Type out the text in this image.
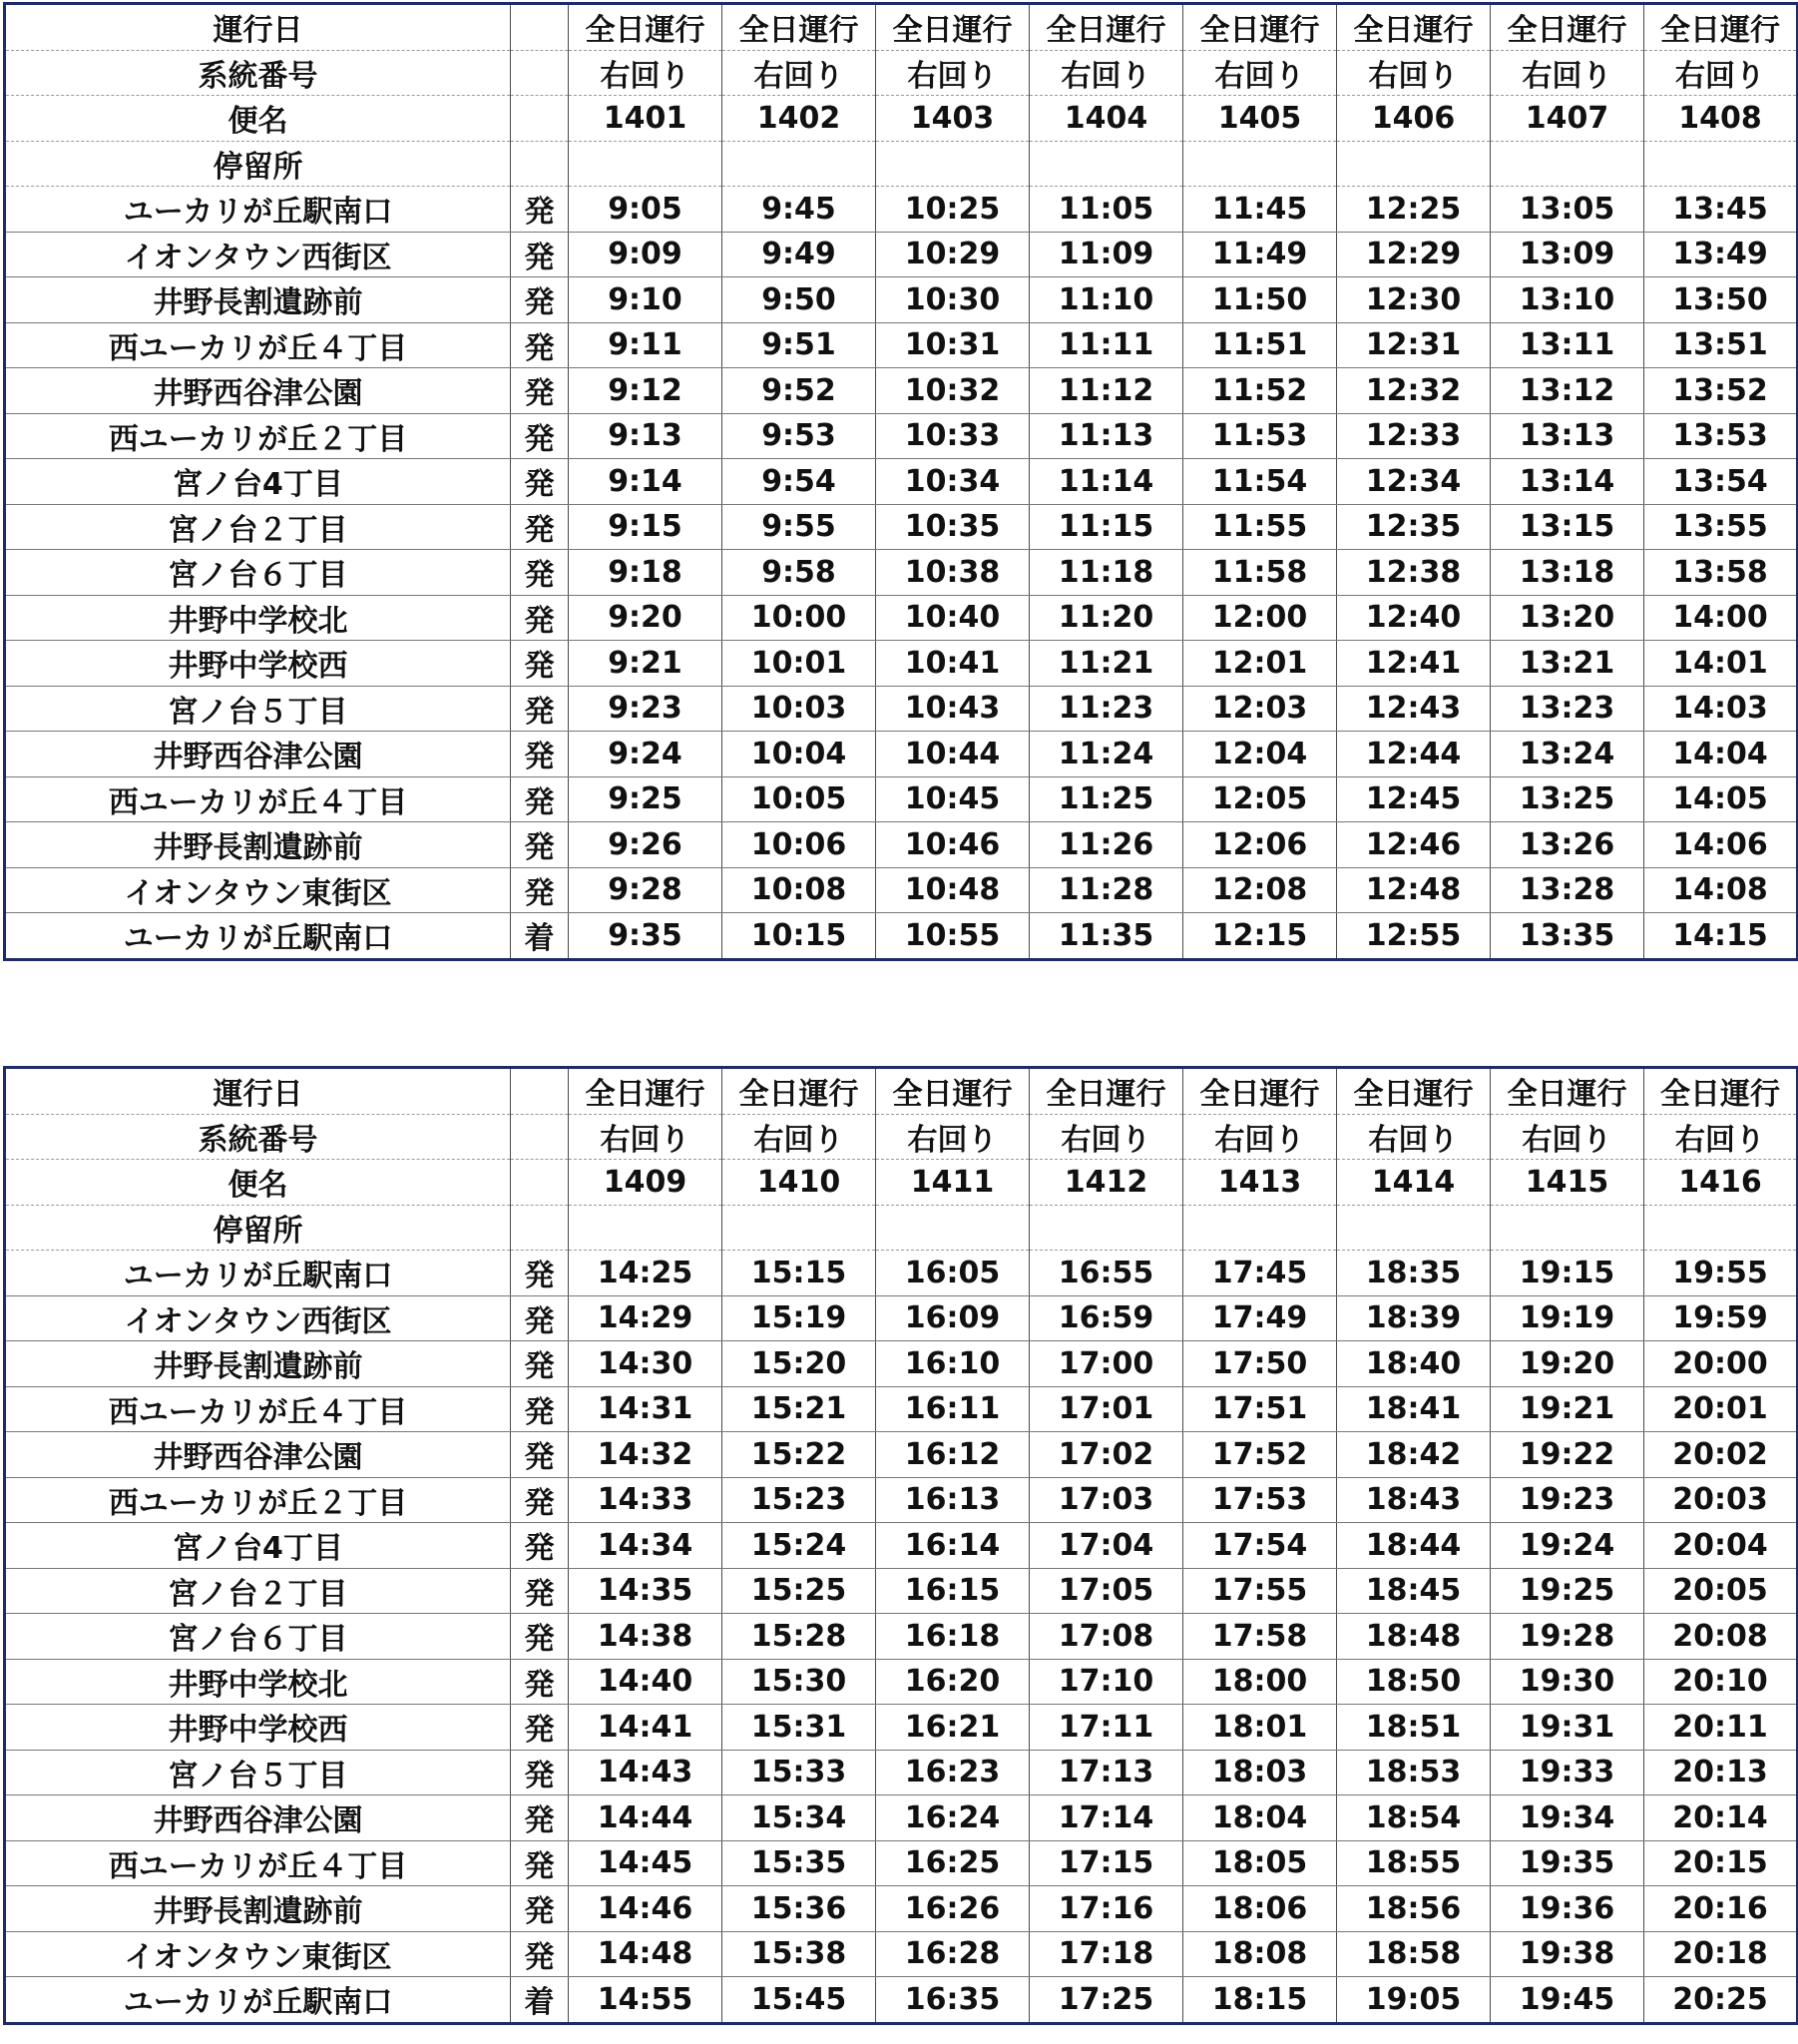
運行日		全日運行	全日運行	全日運行	全日運行	全日運行	全日運行	全日運行	全日運行
系統番号		右回り	右回り	右回り	右回り	右回り	右回り	右回り	右回り
便名		1401	1402	1403	1404	1405	1406	1407	1408
停留所									
ユーカリが丘駅南口	発	9:05	9:45	10:25	11:05	11:45	12:25	13:05	13:45
イオンタウン西街区	発	9:09	9:49	10:29	11:09	11:49	12:29	13:09	13:49
井野長割遺跡前	発	9:10	9:50	10:30	11:10	11:50	12:30	13:10	13:50
西ユーカリが丘４丁目	発	9:11	9:51	10:31	11:11	11:51	12:31	13:11	13:51
井野西谷津公園	発	9:12	9:52	10:32	11:12	11:52	12:32	13:12	13:52
西ユーカリが丘２丁目	発	9:13	9:53	10:33	11:13	11:53	12:33	13:13	13:53
宮ノ台4丁目	発	9:14	9:54	10:34	11:14	11:54	12:34	13:14	13:54
宮ノ台２丁目	発	9:15	9:55	10:35	11:15	11:55	12:35	13:15	13:55
宮ノ台６丁目	発	9:18	9:58	10:38	11:18	11:58	12:38	13:18	13:58
井野中学校北	発	9:20	10:00	10:40	11:20	12:00	12:40	13:20	14:00
井野中学校西	発	9:21	10:01	10:41	11:21	12:01	12:41	13:21	14:01
宮ノ台５丁目	発	9:23	10:03	10:43	11:23	12:03	12:43	13:23	14:03
井野西谷津公園	発	9:24	10:04	10:44	11:24	12:04	12:44	13:24	14:04
西ユーカリが丘４丁目	発	9:25	10:05	10:45	11:25	12:05	12:45	13:25	14:05
井野長割遺跡前	発	9:26	10:06	10:46	11:26	12:06	12:46	13:26	14:06
イオンタウン東街区	発	9:28	10:08	10:48	11:28	12:08	12:48	13:28	14:08
ユーカリが丘駅南口	着	9:35	10:15	10:55	11:35	12:15	12:55	13:35	14:15
運行日		全日運行	全日運行	全日運行	全日運行	全日運行	全日運行	全日運行	全日運行
系統番号		右回り	右回り	右回り	右回り	右回り	右回り	右回り	右回り
便名		1409	1410	1411	1412	1413	1414	1415	1416
停留所									
ユーカリが丘駅南口	発	14:25	15:15	16:05	16:55	17:45	18:35	19:15	19:55
イオンタウン西街区	発	14:29	15:19	16:09	16:59	17:49	18:39	19:19	19:59
井野長割遺跡前	発	14:30	15:20	16:10	17:00	17:50	18:40	19:20	20:00
西ユーカリが丘４丁目	発	14:31	15:21	16:11	17:01	17:51	18:41	19:21	20:01
井野西谷津公園	発	14:32	15:22	16:12	17:02	17:52	18:42	19:22	20:02
西ユーカリが丘２丁目	発	14:33	15:23	16:13	17:03	17:53	18:43	19:23	20:03
宮ノ台4丁目	発	14:34	15:24	16:14	17:04	17:54	18:44	19:24	20:04
宮ノ台２丁目	発	14:35	15:25	16:15	17:05	17:55	18:45	19:25	20:05
宮ノ台６丁目	発	14:38	15:28	16:18	17:08	17:58	18:48	19:28	20:08
井野中学校北	発	14:40	15:30	16:20	17:10	18:00	18:50	19:30	20:10
井野中学校西	発	14:41	15:31	16:21	17:11	18:01	18:51	19:31	20:11
宮ノ台５丁目	発	14:43	15:33	16:23	17:13	18:03	18:53	19:33	20:13
井野西谷津公園	発	14:44	15:34	16:24	17:14	18:04	18:54	19:34	20:14
西ユーカリが丘４丁目	発	14:45	15:35	16:25	17:15	18:05	18:55	19:35	20:15
井野長割遺跡前	発	14:46	15:36	16:26	17:16	18:06	18:56	19:36	20:16
イオンタウン東街区	発	14:48	15:38	16:28	17:18	18:08	18:58	19:38	20:18
ユーカリが丘駅南口	着	14:55	15:45	16:35	17:25	18:15	19:05	19:45	20:25
